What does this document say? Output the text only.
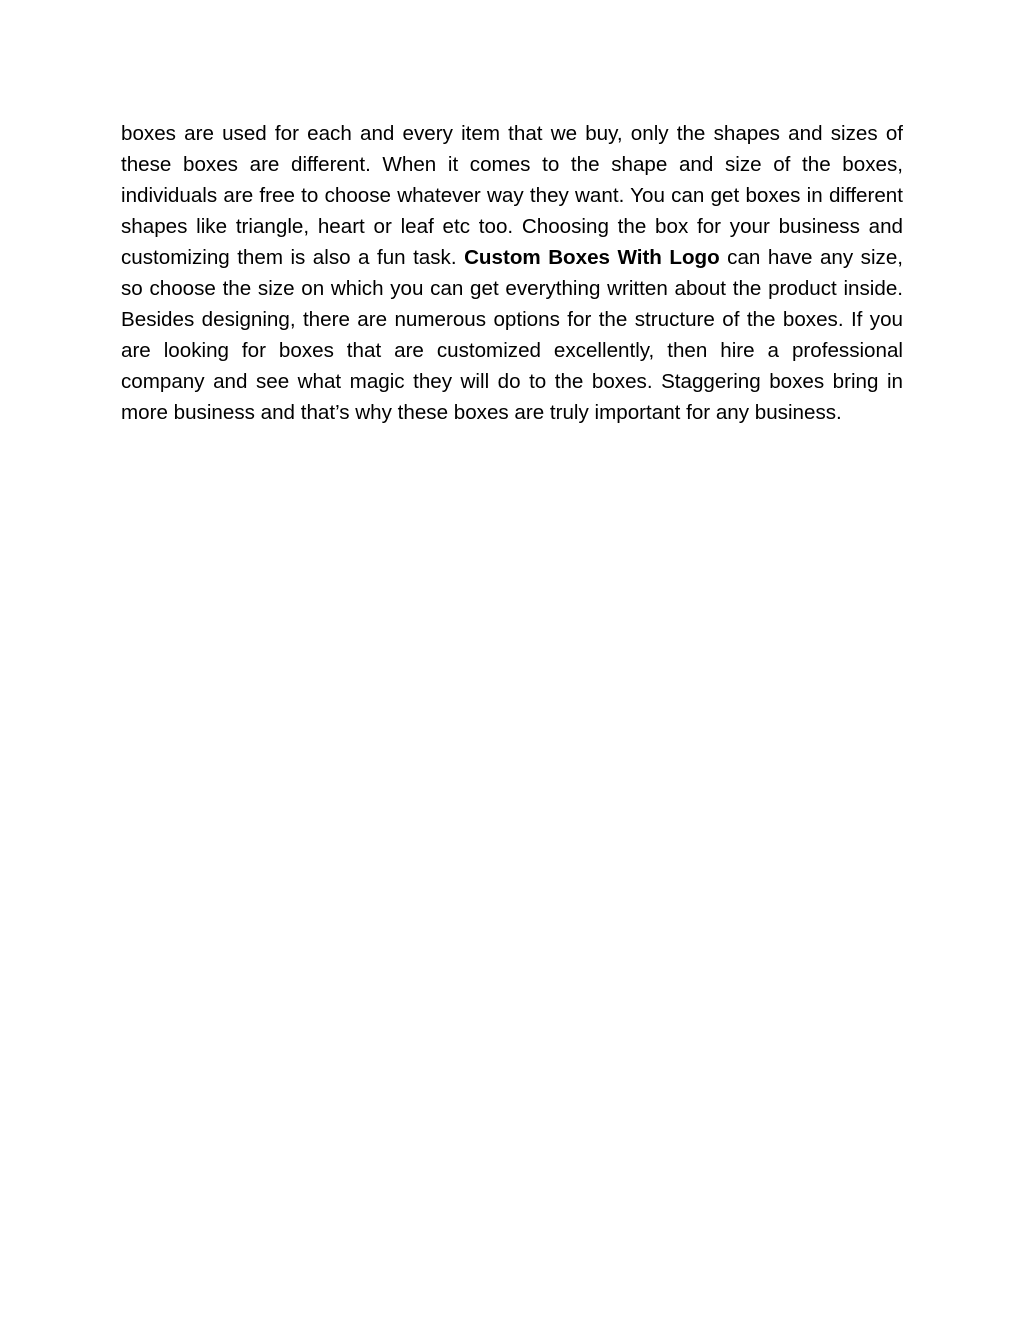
boxes are used for each and every item that we buy, only the shapes and sizes of these boxes are different. When it comes to the shape and size of the boxes, individuals are free to choose whatever way they want. You can get boxes in different shapes like triangle, heart or leaf etc too. Choosing the box for your business and customizing them is also a fun task. Custom Boxes With Logo can have any size, so choose the size on which you can get everything written about the product inside. Besides designing, there are numerous options for the structure of the boxes. If you are looking for boxes that are customized excellently, then hire a professional company and see what magic they will do to the boxes. Staggering boxes bring in more business and that’s why these boxes are truly important for any business.
